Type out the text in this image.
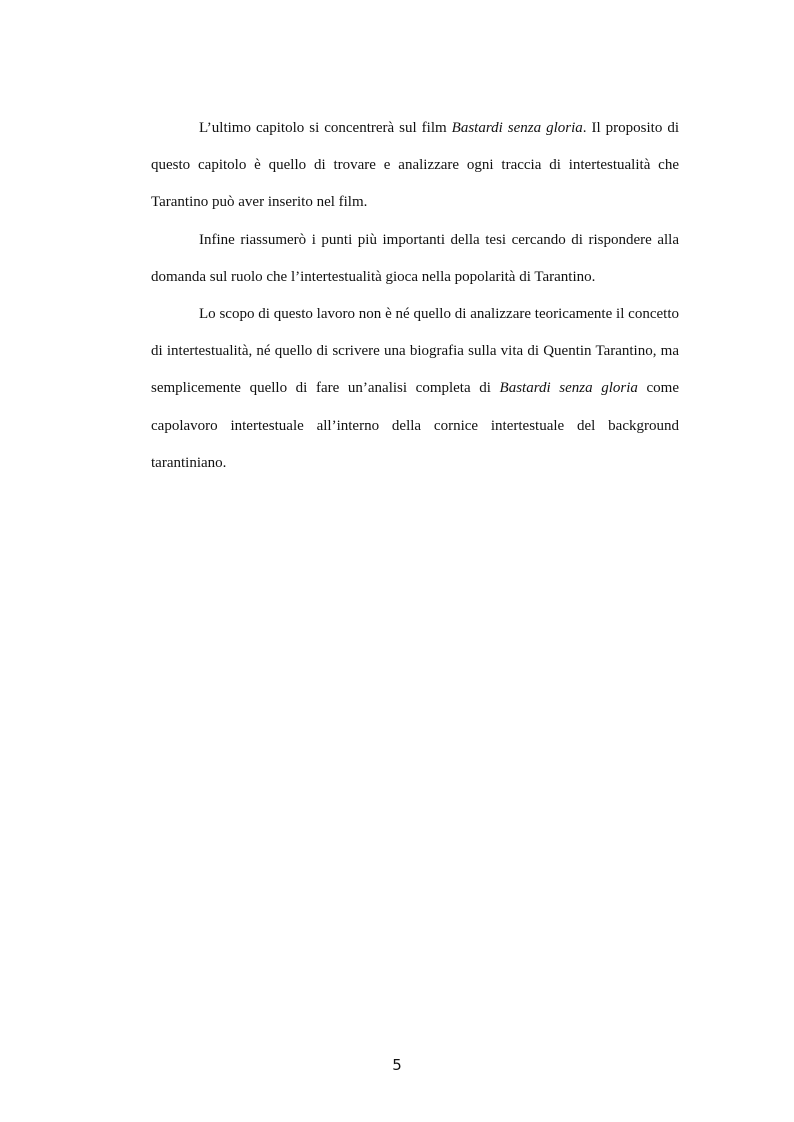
L’ultimo capitolo si concentrerà sul film Bastardi senza gloria. Il proposito di questo capitolo è quello di trovare e analizzare ogni traccia di intertestualità che Tarantino può aver inserito nel film.

Infine riassumerò i punti più importanti della tesi cercando di rispondere alla domanda sul ruolo che l’intertestualità gioca nella popolarità di Tarantino.

Lo scopo di questo lavoro non è né quello di analizzare teoricamente il concetto di intertestualità, né quello di scrivere una biografia sulla vita di Quentin Tarantino, ma semplicemente quello di fare un’analisi completa di Bastardi senza gloria come capolavoro intertestuale all’interno della cornice intertestuale del background tarantiniano.

5
